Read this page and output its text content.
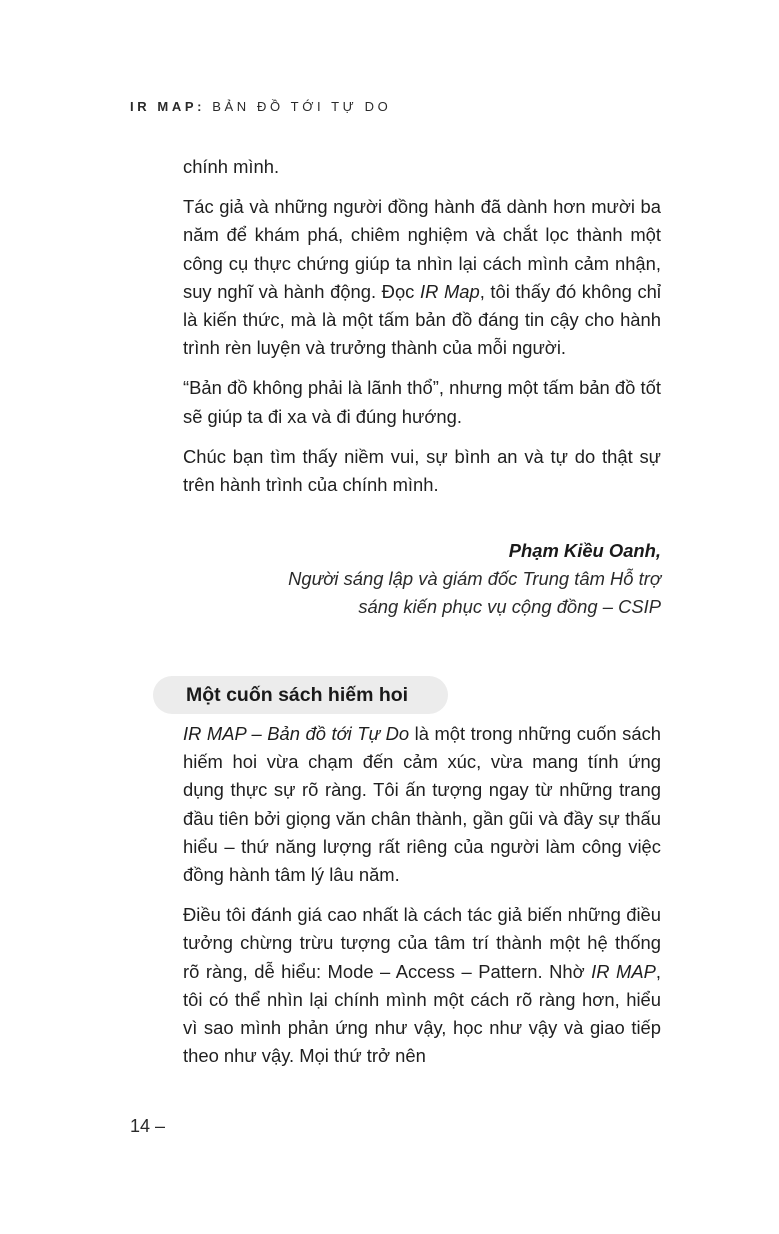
IR MAP: BẢN ĐỒ TỚI TỰ DO

chính mình.

Tác giả và những người đồng hành đã dành hơn mười ba năm để khám phá, chiêm nghiệm và chắt lọc thành một công cụ thực chứng giúp ta nhìn lại cách mình cảm nhận, suy nghĩ và hành động. Đọc IR Map, tôi thấy đó không chỉ là kiến thức, mà là một tấm bản đồ đáng tin cậy cho hành trình rèn luyện và trưởng thành của mỗi người.

“Bản đồ không phải là lãnh thổ”, nhưng một tấm bản đồ tốt sẽ giúp ta đi xa và đi đúng hướng.

Chúc bạn tìm thấy niềm vui, sự bình an và tự do thật sự trên hành trình của chính mình.

Phạm Kiều Oanh,
Người sáng lập và giám đốc Trung tâm Hỗ trợ
sáng kiến phục vụ cộng đồng – CSIP
Một cuốn sách hiếm hoi

IR MAP – Bản đồ tới Tự Do là một trong những cuốn sách hiếm hoi vừa chạm đến cảm xúc, vừa mang tính ứng dụng thực sự rõ ràng. Tôi ấn tượng ngay từ những trang đầu tiên bởi giọng văn chân thành, gần gũi và đầy sự thấu hiểu – thứ năng lượng rất riêng của người làm công việc đồng hành tâm lý lâu năm.

Điều tôi đánh giá cao nhất là cách tác giả biến những điều tưởng chừng trừu tượng của tâm trí thành một hệ thống rõ ràng, dễ hiểu: Mode – Access – Pattern. Nhờ IR MAP, tôi có thể nhìn lại chính mình một cách rõ ràng hơn, hiểu vì sao mình phản ứng như vậy, học như vậy và giao tiếp theo như vậy. Mọi thứ trở nên

14 –
